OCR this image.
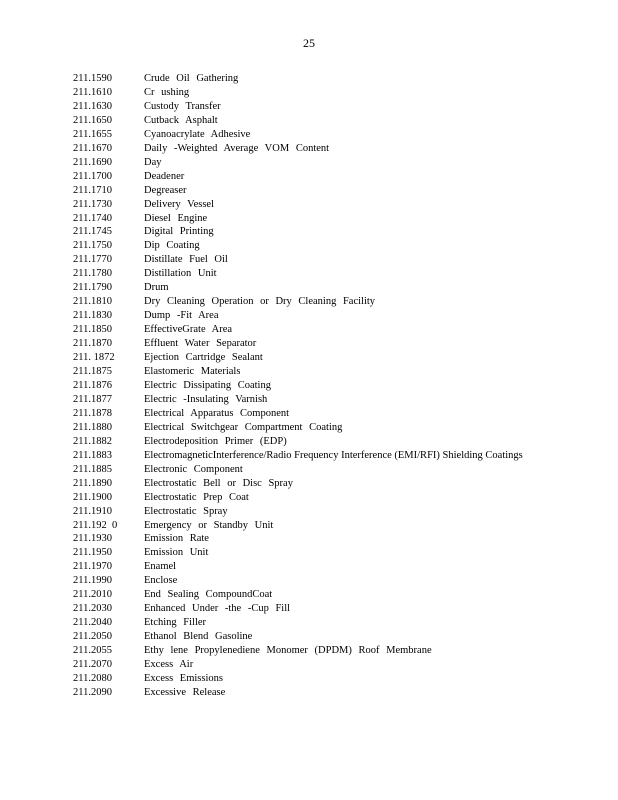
25
211.1590	Crude Oil Gathering
211.1610	Cr ushing
211.1630	Custody Transfer
211.1650	Cutback Asphalt
211.1655	Cyanoacrylate Adhesive
211.1670	Daily -Weighted Average VOM Content
211.1690	Day
211.1700	Deadener
211.1710	Degreaser
211.1730	Delivery Vessel
211.1740	Diesel Engine
211.1745	Digital Printing
211.1750	Dip Coating
211.1770	Distillate Fuel Oil
211.1780	Distillation Unit
211.1790	Drum
211.1810	Dry Cleaning Operation or Dry Cleaning Facility
211.1830	Dump -Fit Area
211.1850	EffectiveGrate Area
211.1870	Effluent Water Separator
211. 1872	Ejection Cartridge Sealant
211.1875	Elastomeric Materials
211.1876	Electric Dissipating Coating
211.1877	Electric -Insulating Varnish
211.1878	Electrical Apparatus Component
211.1880	Electrical Switchgear Compartment Coating
211.1882	Electrodeposition Primer (EDP)
211.1883	ElectromagneticInterference/Radio Frequency Interference (EMI/RFI) Shielding Coatings
211.1885	Electronic Component
211.1890	Electrostatic Bell or Disc Spray
211.1900	Electrostatic Prep Coat
211.1910	Electrostatic Spray
211.192  0	Emergency or Standby Unit
211.1930	Emission Rate
211.1950	Emission Unit
211.1970	Enamel
211.1990	Enclose
211.2010	End Sealing CompoundCoat
211.2030	Enhanced Under -the -Cup Fill
211.2040	Etching Filler
211.2050	Ethanol Blend Gasoline
211.2055	Ethy lene Propylenediene Monomer (DPDM) Roof Membrane
211.2070	Excess Air
211.2080	Excess Emissions
211.2090	Excessive Release
